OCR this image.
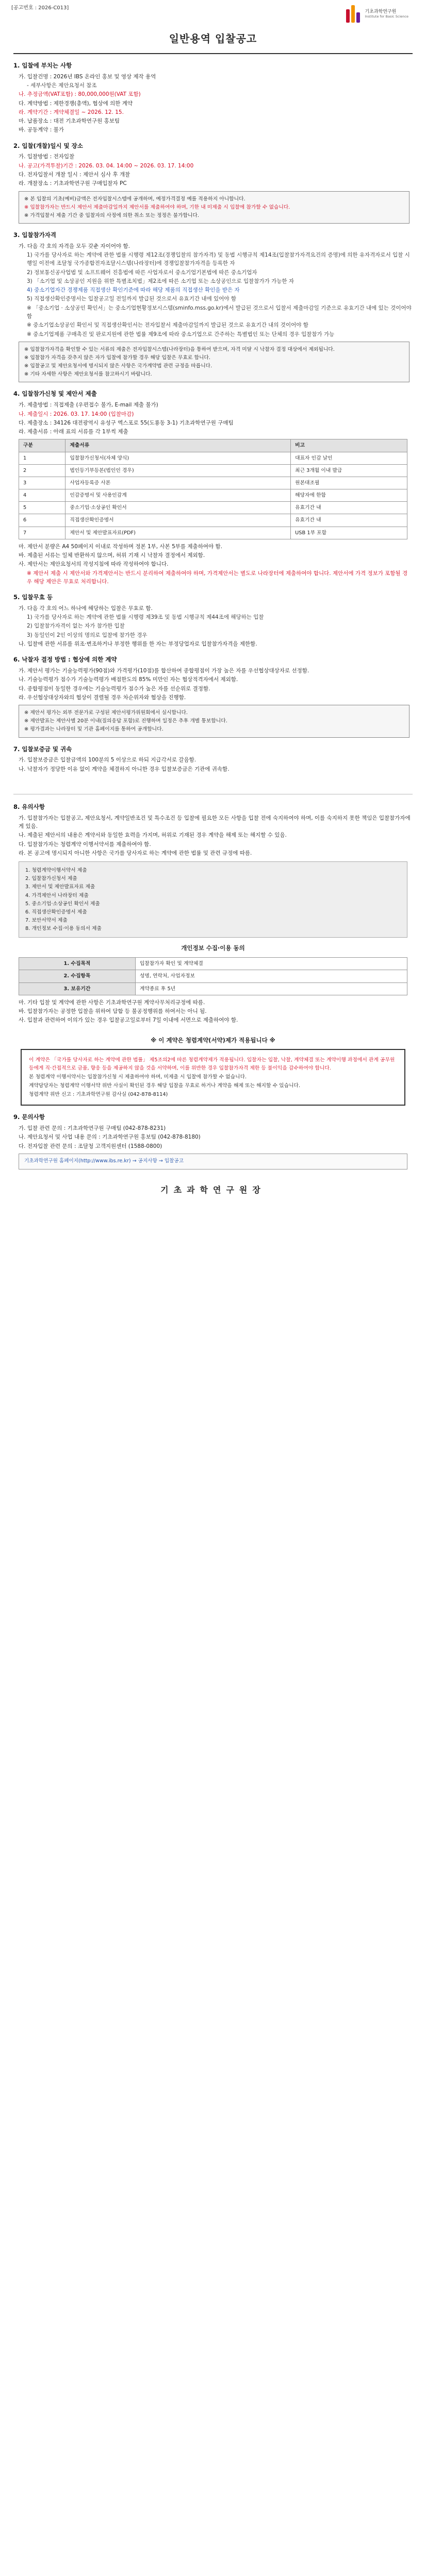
[공고번호 : 2026-C013]
기초과학연구원
Institute for Basic Science
일반용역 입찰공고
1. 입찰에 부치는 사항
가. 입찰건명 : 2026년 IBS 온라인 홍보 및 영상 제작 용역
- 세부사항은 제안요청서 참조
나. 추정금액(VAT포함) : 80,000,000원(VAT 포함)
다. 계약방법 : 제한경쟁(총액), 협상에 의한 계약
라. 계약기간 : 계약체결일 ~ 2026. 12. 15.
마. 납품장소 : 대전 기초과학연구원 홍보팀
바. 공동계약 : 불가
2. 입찰(개찰)일시 및 장소
가. 입찰방법 : 전자입찰
나. 공고(가격투찰)기간 : 2026. 03. 04. 14:00 ~ 2026. 03. 17. 14:00
다. 전자입찰서 개찰 일시 : 제안서 심사 후 개찰
라. 개찰장소 : 기초과학연구원 구매입찰자 PC

※ 본 입찰의 기초(예비)금액은 전자입찰시스템에 공개하며, 예정가격결정 예를 적용하지 아니합니다.

※ 입찰참가자는 반드시 제안서 제출마감일까지 제안서를 제출하여야 하며, 기한 내 미제출 시 입찰에 참가할 수 없습니다.

※ 가격입찰서 제출 기간 중 입찰자의 사정에 의한 취소 또는 정정은 불가합니다.

3. 입찰참가자격
가. 다음 각 호의 자격을 모두 갖춘 자이어야 함.
1) 국가를 당사자로 하는 계약에 관한 법률 시행령 제12조(경쟁입찰의 참가자격) 및 동법 시행규칙 제14조(입찰참가자격요건의 증명)에 의한 유자격자로서 입찰 시행일 이전에 조달청 국가종합전자조달시스템(나라장터)에 경쟁입찰참가자격을 등록한 자
2) 정보통신공사업법 및 소프트웨어 진흥법에 따른 사업자로서 중소기업기본법에 따른 중소기업자
3) 「소기업 및 소상공인 지원을 위한 특별조치법」제2조에 따른 소기업 또는 소상공인으로 입찰참가가 가능한 자
4) 중소기업자간 경쟁제품 직접생산 확인기준에 따라 해당 제품의 직접생산 확인을 받은 자
5) 직접생산확인증명서는 입찰공고일 전일까지 발급된 것으로서 유효기간 내에 있어야 함
※ 「중소기업 · 소상공인 확인서」는 중소기업현황정보시스템(sminfo.mss.go.kr)에서 발급된 것으로서 입찰서 제출마감일 기준으로 유효기간 내에 있는 것이어야 함
※ 중소기업소상공인 확인서 및 직접생산확인서는 전자입찰서 제출마감일까지 발급된 것으로 유효기간 내의 것이어야 함
※ 중소기업제품 구매촉진 및 판로지원에 관한 법률 제9조에 따라 중소기업으로 간주하는 특별법인 또는 단체의 경우 입찰참가 가능

※ 입찰참가자격을 확인할 수 있는 서류의 제출은 전자입찰시스템(나라장터)을 통하여 받으며, 자격 미달 시 낙찰자 결정 대상에서 제외됩니다.

※ 입찰참가 자격을 갖추지 않은 자가 입찰에 참가할 경우 해당 입찰은 무효로 합니다.

※ 입찰공고 및 제안요청서에 명시되지 않은 사항은 국가계약법 관련 규정을 따릅니다.

※ 기타 자세한 사항은 제안요청서를 참고하시기 바랍니다.

4. 입찰참가신청 및 제안서 제출
가. 제출방법 : 직접제출 (우편접수 불가, E-mail 제출 불가)
나. 제출일시 : 2026. 03. 17. 14:00 (입찰마감)
다. 제출장소 : 34126 대전광역시 유성구 엑스포로 55(도룡동 3-1) 기초과학연구원 구매팀
라. 제출서류 : 아래 표의 서류를 각 1부씩 제출
구분	제출서류	비고
1	입찰참가신청서(자체 양식)	대표자 인감 날인
2	법인등기부등본(법인인 경우)	최근 3개월 이내 발급
3	사업자등록증 사본	원본대조필
4	인감증명서 및 사용인감계	해당자에 한함
5	중소기업·소상공인 확인서	유효기간 내
6	직접생산확인증명서	유효기간 내
7	제안서 및 제안발표자료(PDF)	USB 1부 포함
마. 제안서 분량은 A4 50페이지 이내로 작성하며 정본 1부, 사본 5부를 제출하여야 함.
바. 제출된 서류는 일체 반환하지 않으며, 허위 기재 시 낙찰자 결정에서 제외함.
사. 제안서는 제안요청서의 작성지침에 따라 작성하여야 합니다.
※ 제안서 제출 시 제안서와 가격제안서는 반드시 분리하여 제출하여야 하며, 가격제안서는 별도로 나라장터에 제출하여야 합니다. 제안서에 가격 정보가 포함될 경우 해당 제안은 무효로 처리합니다.
5. 입찰무효 등
가. 다음 각 호의 어느 하나에 해당하는 입찰은 무효로 함.
1) 국가를 당사자로 하는 계약에 관한 법률 시행령 제39조 및 동법 시행규칙 제44조에 해당하는 입찰
2) 입찰참가자격이 없는 자가 참가한 입찰
3) 동일인이 2인 이상의 명의로 입찰에 참가한 경우
나. 입찰에 관한 서류를 위조·변조하거나 부정한 행위를 한 자는 부정당업자로 입찰참가자격을 제한함.
6. 낙찰자 결정 방법 : 협상에 의한 계약
가. 제안서 평가는 기술능력평가(90점)와 가격평가(10점)를 합산하여 종합평점이 가장 높은 자를 우선협상대상자로 선정함.
나. 기술능력평가 점수가 기술능력평가 배점한도의 85% 미만인 자는 협상적격자에서 제외함.
다. 종합평점이 동일한 경우에는 기술능력평가 점수가 높은 자를 선순위로 결정함.
라. 우선협상대상자와의 협상이 결렬될 경우 차순위자와 협상을 진행함.

※ 제안서 평가는 외부 전문가로 구성된 제안서평가위원회에서 실시합니다.

※ 제안발표는 제안사별 20분 이내(질의응답 포함)로 진행하며 일정은 추후 개별 통보합니다.

※ 평가결과는 나라장터 및 기관 홈페이지를 통하여 공개합니다.

7. 입찰보증금 및 귀속
가. 입찰보증금은 입찰금액의 100분의 5 이상으로 하되 지급각서로 갈음함.
나. 낙찰자가 정당한 이유 없이 계약을 체결하지 아니한 경우 입찰보증금은 기관에 귀속함.
8. 유의사항
가. 입찰참가자는 입찰공고, 제안요청서, 계약일반조건 및 특수조건 등 입찰에 필요한 모든 사항을 입찰 전에 숙지하여야 하며, 이를 숙지하지 못한 책임은 입찰참가자에게 있음.
나. 제출된 제안서의 내용은 계약서와 동일한 효력을 가지며, 허위로 기재된 경우 계약을 해제 또는 해지할 수 있음.
다. 입찰참가자는 청렴계약 이행서약서를 제출하여야 함.
라. 본 공고에 명시되지 아니한 사항은 국가를 당사자로 하는 계약에 관한 법률 및 관련 규정에 따름.

1. 청렴계약이행서약서 제출

2. 입찰참가신청서 제출

3. 제안서 및 제안발표자료 제출

4. 가격제안서 나라장터 제출

5. 중소기업·소상공인 확인서 제출

6. 직접생산확인증명서 제출

7. 보안서약서 제출

8. 개인정보 수집·이용 동의서 제출

개인정보 수집·이용 동의
1. 수집목적	입찰참가자 확인 및 계약체결
2. 수집항목	성명, 연락처, 사업자정보
3. 보유기간	계약종료 후 5년
마. 기타 입찰 및 계약에 관한 사항은 기초과학연구원 계약사무처리규정에 따름.
바. 입찰참가자는 공정한 입찰을 위하여 담합 등 불공정행위를 하여서는 아니 됨.
사. 입찰과 관련하여 이의가 있는 경우 입찰공고일로부터 7일 이내에 서면으로 제출하여야 함.
※ 이 계약은 청렴계약(서약)제가 적용됩니다 ※

이 계약은 「국가를 당사자로 하는 계약에 관한 법률」 제5조의2에 따른 청렴계약제가 적용됩니다. 입찰자는 입찰, 낙찰, 계약체결 또는 계약이행 과정에서 관계 공무원 등에게 직·간접적으로 금품, 향응 등을 제공하지 않을 것을 서약하며, 이를 위반한 경우 입찰참가자격 제한 등 불이익을 감수하여야 합니다.

본 청렴계약 이행서약서는 입찰참가신청 시 제출하여야 하며, 미제출 시 입찰에 참가할 수 없습니다.

계약담당자는 청렴계약 이행서약 위반 사실이 확인된 경우 해당 입찰을 무효로 하거나 계약을 해제 또는 해지할 수 있습니다.

청렴계약 위반 신고 : 기초과학연구원 감사실 (042-878-8114)

9. 문의사항
가. 입찰 관련 문의 : 기초과학연구원 구매팀 (042-878-8231)
나. 제안요청서 및 사업 내용 문의 : 기초과학연구원 홍보팀 (042-878-8180)
다. 전자입찰 관련 문의 : 조달청 고객지원센터 (1588-0800)

기초과학연구원 홈페이지(http://www.ibs.re.kr) → 공지사항 → 입찰공고

기초과학연구원장
